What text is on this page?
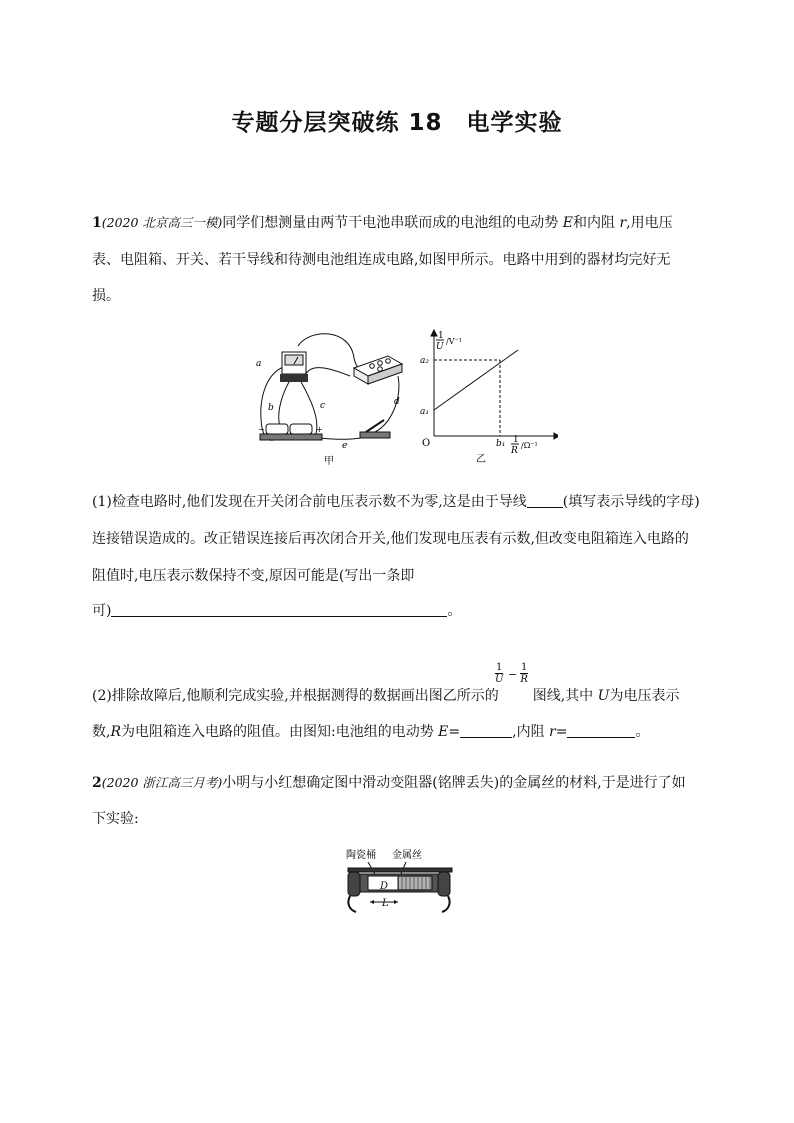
专题分层突破练 18　电学实验
1(2020 北京高三一模)同学们想测量由两节干电池串联而成的电池组的电动势 E和内阻 r,用电压
表、电阻箱、开关、若干导线和待测电池组连成电路,如图甲所示。电路中用到的器材均完好无
损。
−	+
a
b	c	d
e
甲
1
U
/V⁻¹
a₂
a₁
O	b₁ 1
R
/Ω⁻¹
乙
(1)检查电路时,他们发现在开关闭合前电压表示数不为零,这是由于导线	(填写表示导线的字母)
连接错误造成的。改正错误连接后再次闭合开关,他们发现电压表有示数,但改变电阻箱连入电路的
阻值时,电压表示数保持不变,原因可能是(写出一条即
可)	。
$\frac{1}{U} - \frac{1}{R}$
(2)排除故障后,他顺利完成实验,并根据测得的数据画出图乙所示的 图线,其中 U为电压表示
数,R为电阻箱连入电路的阻值。由图知:电池组的电动势 E=	,内阻 r=	。
2(2020 浙江高三月考)小明与小红想确定图中滑动变阻器(铭牌丢失)的金属丝的材料,于是进行了如
下实验:
陶瓷桶 金属丝
D
L
